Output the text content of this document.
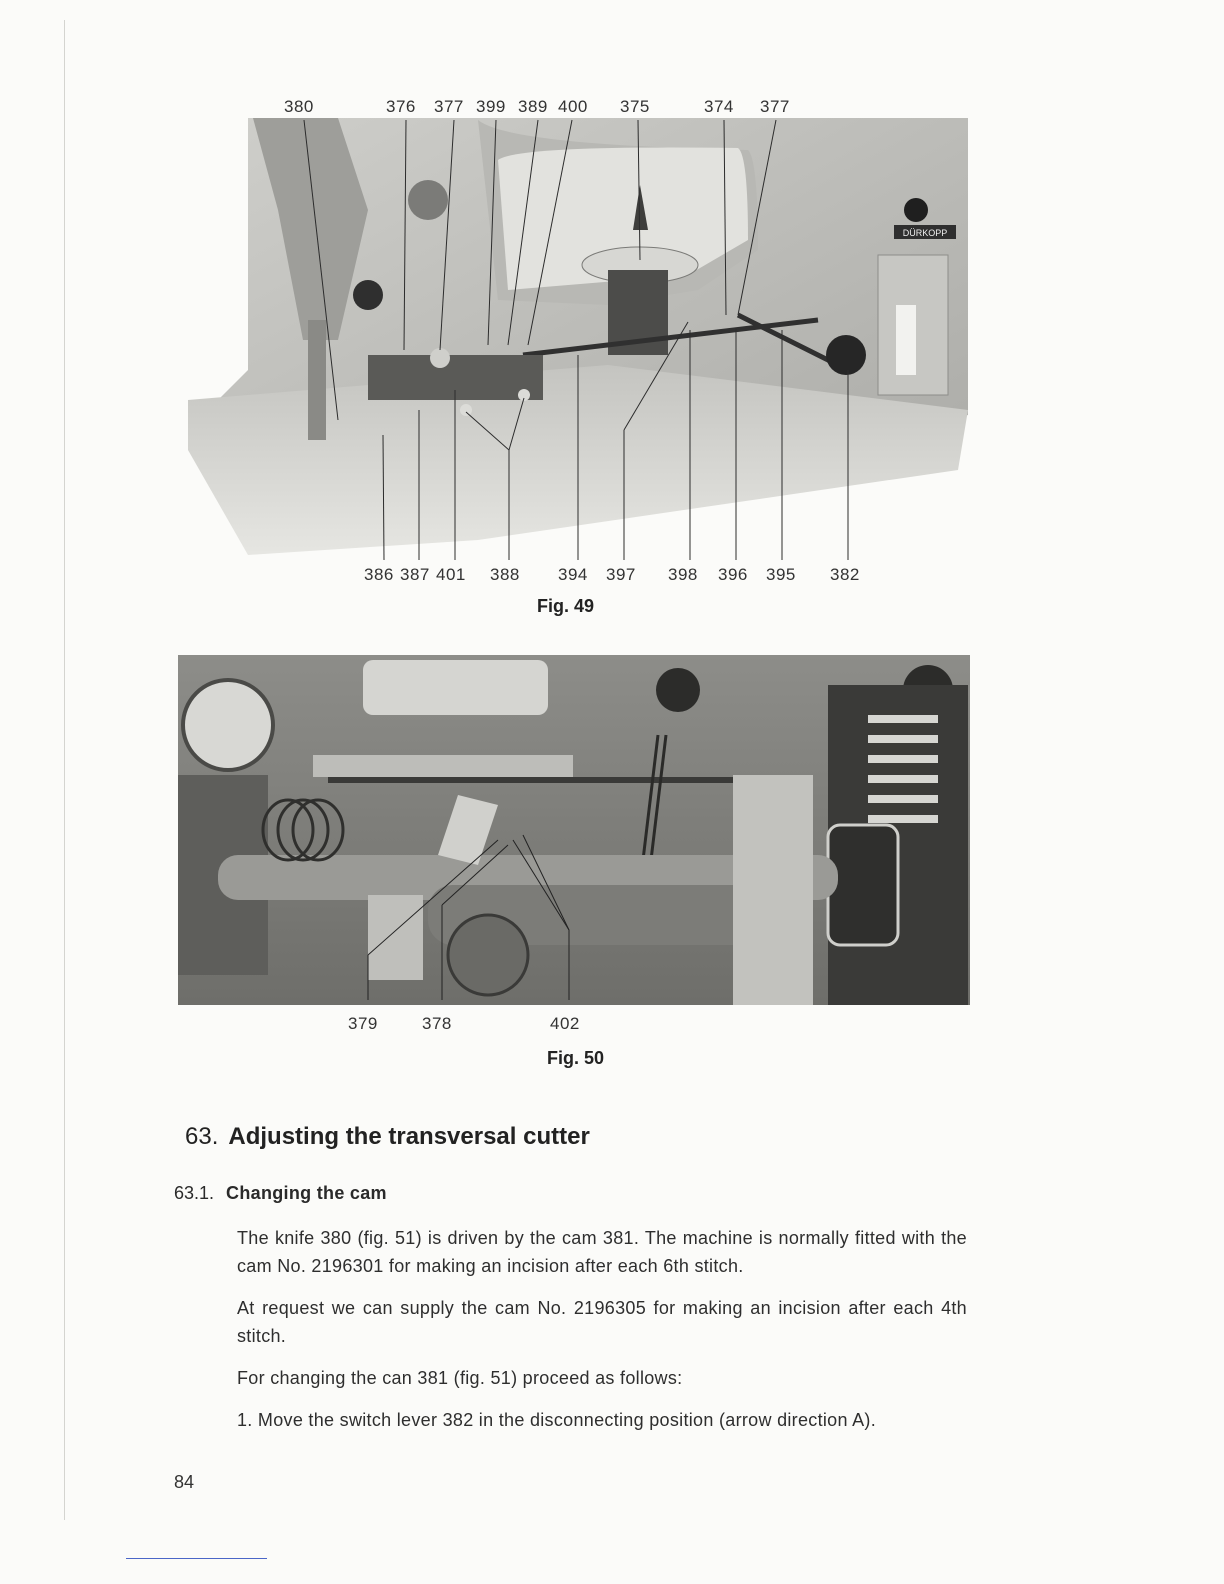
DÜRKOPP
380	376 377 399 389 400 375	374 377
386 387 401 388 394 397 398 396 395 382
Fig. 49
379	378	402
Fig. 50
63. Adjusting the transversal cutter
63.1. Changing the cam

The knife 380 (fig. 51) is driven by the cam 381. The machine is normally fitted with the cam No. 2196301 for making an incision after each 6th stitch.

At request we can supply the cam No. 2196305 for making an incision after each 4th stitch.

For changing the can 381 (fig. 51) proceed as follows:

1. Move the switch lever 382 in the disconnecting position (arrow direction A).

84
